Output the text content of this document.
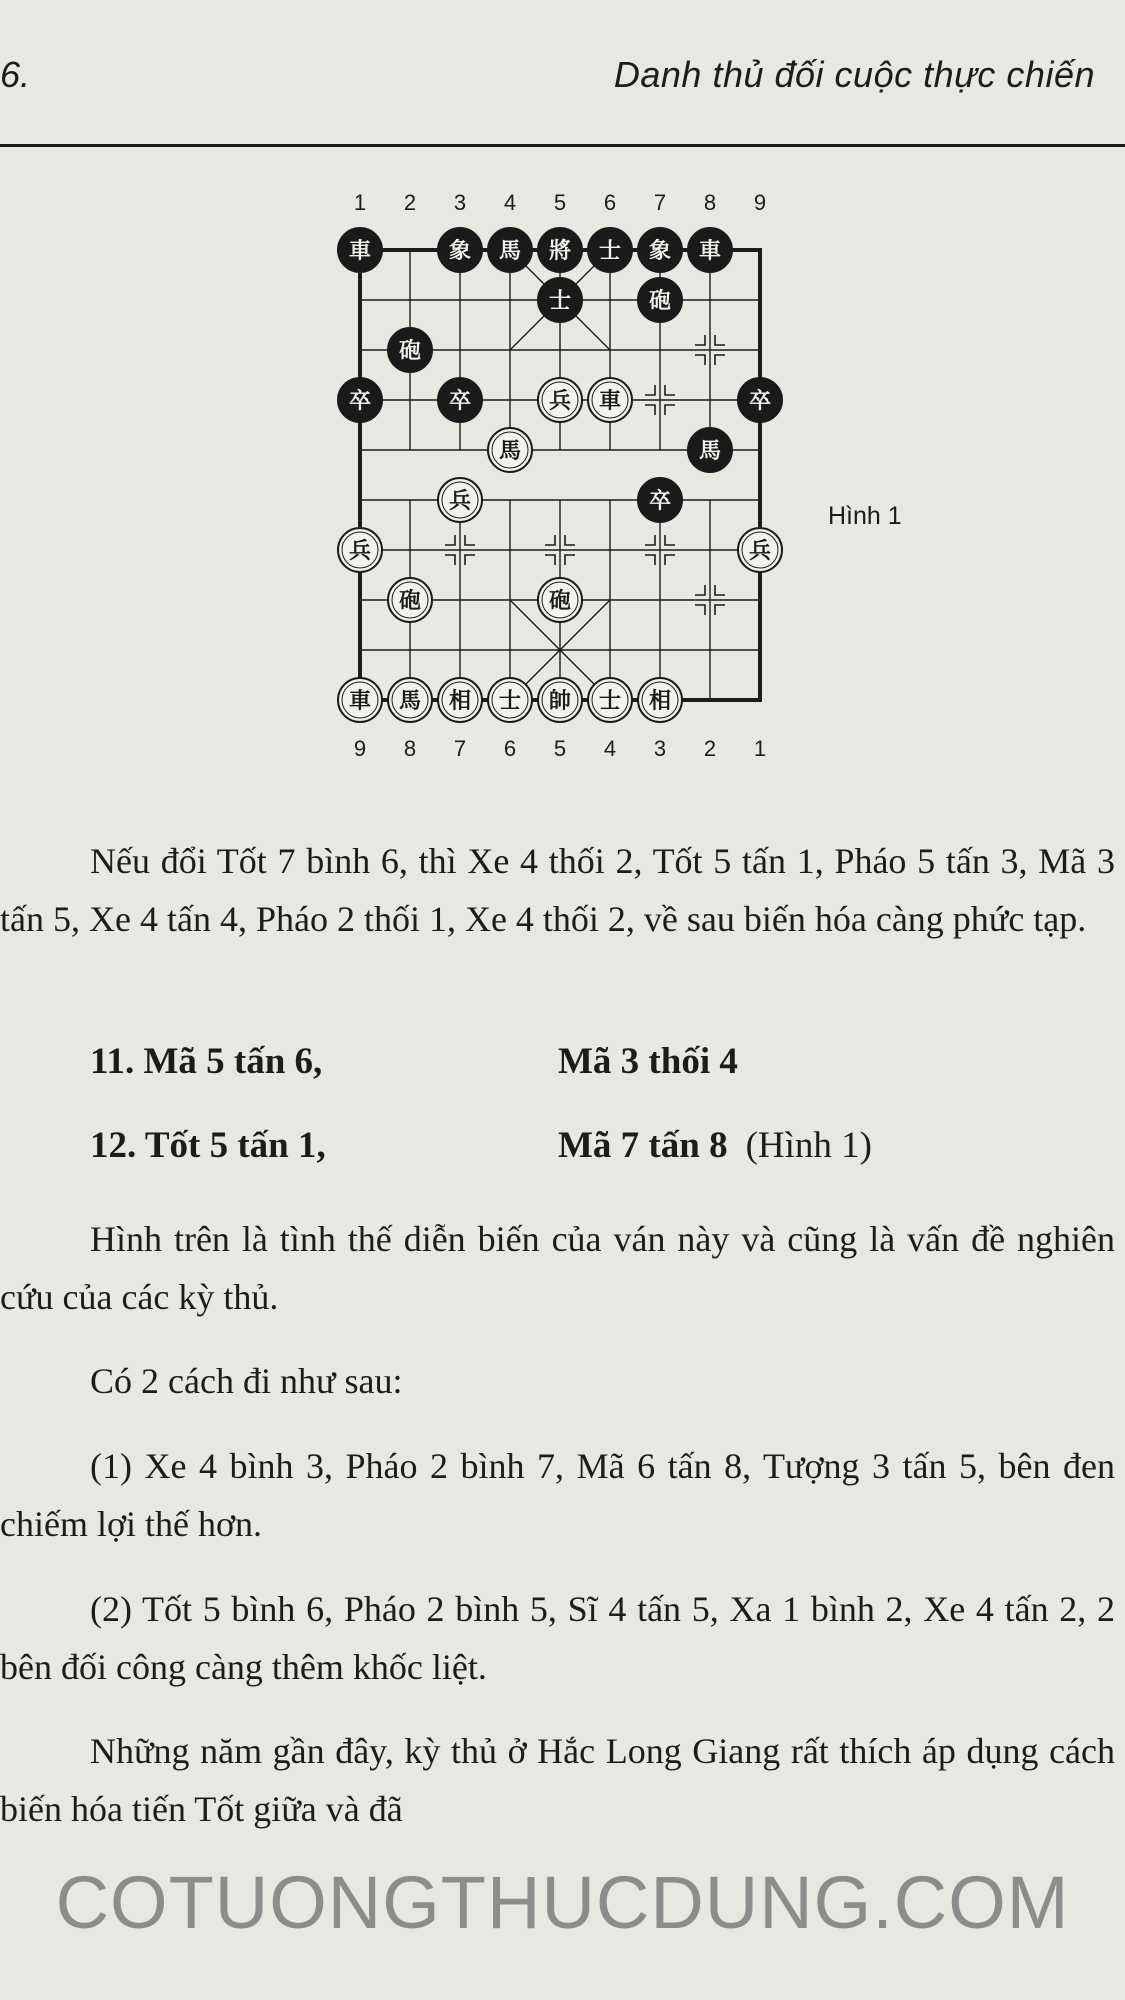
6.	Danh thủ đối cuộc thực chiến
1	2	3	4	5	6	7	8	9
車	象 馬 將 士 象 車
士	砲
砲
卒	卒	卒
馬
卒
兵 車
馬
兵
兵	兵
砲	砲
車 馬 相 士 帥 士 相
9	8	7	6	5	4	3	2	1
Hình 1

Nếu đổi Tốt 7 bình 6, thì Xe 4 thối 2, Tốt 5 tấn 1, Pháo 5 tấn 3, Mã 3 tấn 5, Xe 4 tấn 4, Pháo 2 thối 1, Xe 4 thối 2, về sau biến hóa càng phức tạp.

11. Mã 5 tấn 6,	Mã 3 thối 4
12. Tốt 5 tấn 1,	Mã 7 tấn 8 (Hình 1)

Hình trên là tình thế diễn biến của ván này và cũng là vấn đề nghiên cứu của các kỳ thủ.

Có 2 cách đi như sau:

(1) Xe 4 bình 3, Pháo 2 bình 7, Mã 6 tấn 8, Tượng 3 tấn 5, bên đen chiếm lợi thế hơn.

(2) Tốt 5 bình 6, Pháo 2 bình 5, Sĩ 4 tấn 5, Xa 1 bình 2, Xe 4 tấn 2, 2 bên đối công càng thêm khốc liệt.

Những năm gần đây, kỳ thủ ở Hắc Long Giang rất thích áp dụng cách biến hóa tiến Tốt giữa và đã

COTUONGTHUCDUNG.COM
